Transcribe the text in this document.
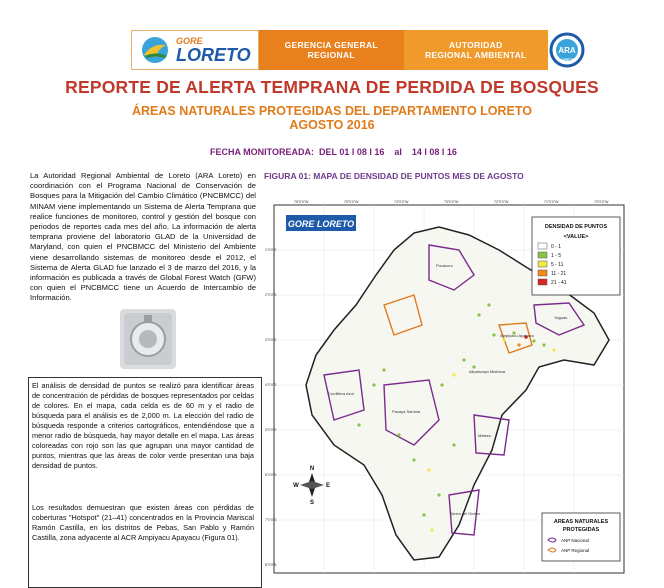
GORE
LORETO	GERENCIA GENERAL
REGIONAL
AUTORIDAD
REGIONAL AMBIENTAL	ARA
LORETO
REPORTE DE ALERTA TEMPRANA DE PERDIDA DE BOSQUES
ÁREAS NATURALES PROTEGIDAS DEL DEPARTAMENTO LORETO
AGOSTO 2016
FECHA MONITOREADA:  DEL 01 l 08 l 16    al    14 l 08 l 16
La Autoridad Regional Ambiental de Loreto (ARA Loreto) en coordinación con el Programa Nacional de Conservación de Bosques para la Mitigación del Cambio Climático (PNCBMCC) del MINAM viene implementando un Sistema de Alerta Temprana que realice funciones de monitoreo, control y gestión del bosque con periodos de reportes cada mes del año. La información de alerta temprana proviene del laboratorio GLAD de la Universidad de Maryland, con quien el PNCBMCC del Ministerio del Ambiente viene desarrollando sistemas de monitoreo desde el 2012, el Sistema de Alerta GLAD fue lanzado el 3 de marzo del 2016, y la información es publicada a través de Global Forest Watch (GFW) con quien el PNCBMCC tiene un Acuerdo de Intercambio de Información.
El análisis de densidad de puntos se realizó para identificar áreas de concentración de pérdidas de bosques representados por celdas de colores. En el mapa, cada celda es de 60 m y el radio de búsqueda para el análisis es de 2,000 m. La elección del radio de búsqueda responde a criterios cartográficos, entendiéndose que a menor radio de búsqueda, hay mayor detalle en el mapa. Las áreas coloreadas con rojo son las que agrupan una mayor cantidad de puntos, mientras que las áreas de color verde presentan una baja densidad de puntos.
Los resultados demuestran que existen áreas con pérdidas de coberturas "Hotspot" (21–41) concentrados en la Provincia Mariscal Ramón Castilla, en los distritos de Pebas, San Pablo y Ramón Castilla, zona adyacente al ACR Ampiyacu Apayacu (Figura 01).
FIGURA 01: MAPA DE DENSIDAD DE PUNTOS MES DE AGOSTO
GORE LORETO	DENSIDAD DE PUNTOS
<VALUE>
0 - 1
1 - 5
5 - 11
11 - 21
21 - 41
AREAS NATURALES
PROTEGIDAS
ANP Nacional
ANP Regional
N
S
E
W
76°0'0"W	75°0'0"W	74°0'0"W	73°0'0"W	72°0'0"W	71°0'0"W	70°0'0"W
1°0'0"S
2°0'0"S
3°0'0"S
4°0'0"S
5°0'0"S
6°0'0"S
7°0'0"S
8°0'0"S
Yaguas
Pucacuro
Pacaya Samiria
Sierra del Divisor
Matses
Allpahuayo Mishana
Ampiyacu Apayacu
Cordillera Azul
